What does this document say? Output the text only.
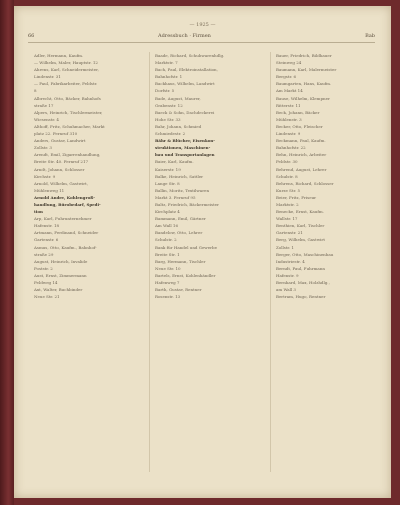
— 1925 —
66	Adressbuch · Firmen	Bab
Adler, Hermann, Kaufm.
— Wilhelm, Maler, Hauptstr. 12
Ahrens, Karl, Schneidermeister,
Lindenstr. 31
— Paul, Fabrikarbeiter, Feldstr.
8
Albrecht, Otto, Bäcker, Bahnhofs
straße 17
Alpers, Heinrich, Tischlermeister,
Wiesenstr. 4
Althoff, Fritz, Schuhmacher, Markt
platz 22. Fernruf 310
Anders, Gustav, Landwirt
Zollstr. 3
Arendt, Emil, Zigarrenhandlung,
Breite Str. 40. Fernruf 217
Arndt, Johann, Schlosser
Kirchstr. 9
Arnold, Wilhelm, Gastwirt,
Mühlenweg 11
Arnold Andre, Kohlengroß-
handlung, Bürobedarf, Spedi-
tion
Arp, Karl, Fuhrunternehmer
Hafenstr. 18
Artmann, Ferdinand, Schneider
Gartenstr. 6
Asmus, Otto, Kaufm., Bahnhof-
straße 29
August, Heinrich, Invalide
Poststr. 2
Aust, Ernst, Zimmermann
Feldweg 14
Axt, Walter, Buchbinder
Neue Str. 21
Baade, Richard, Schuhwarenhdlg.
Marktstr. 7
Bach, Paul, Elektroinstallation,
Bahnhofstr. 1
Backhaus, Wilhelm, Landwirt
Dorfstr. 5
Bade, August, Maurer,
Grabenstr. 12
Baeck & Sohn, Dachdeckerei
Hohe Str. 33
Bahr, Johann, Schmied
Schmiedestr. 2
Bähr & Blücher, Eisenkon-
struktionen, Maschinen-
bau und Transportanlagen
Baier, Karl, Kaufm.
Kaiserstr. 19
Balke, Heinrich, Sattler
Lange Str. 8
Ballin, Moritz, Textilwaren
Markt 3. Fernruf 95
Baltz, Friedrich, Bäckermeister
Kirchplatz 4
Bammann, Emil, Gärtner
Am Wall 16
Bandelow, Otto, Lehrer
Schulstr. 2
Bank für Handel und Gewerbe
Breite Str. 1
Barg, Hermann, Tischler
Neue Str. 10
Bartels, Ernst, Kohlenhändler
Hafenweg 7
Barth, Gustav, Rentner
Rosenstr. 13
Bauer, Friedrich, Bildhauer
Steinweg 24
Baumann, Karl, Malermeister
Bergstr. 6
Baumgarten, Hans, Kaufm.
Am Markt 14
Bause, Wilhelm, Klempner
Ritterstr. 11
Beck, Johann, Bäcker
Mühlenstr. 3
Becker, Otto, Fleischer
Lindenstr. 9
Beckmann, Paul, Kaufm.
Bahnhofstr. 22
Behn, Heinrich, Arbeiter
Feldstr. 30
Behrend, August, Lehrer
Schulstr. 8
Behrens, Richard, Schlosser
Kurze Str. 5
Beier, Fritz, Friseur
Marktstr. 2
Benecke, Ernst, Kaufm.
Wallstr. 17
Benthien, Karl, Tischler
Gartenstr. 21
Berg, Wilhelm, Gastwirt
Zollstr. 1
Berger, Otto, Maschinenbau
Industriestr. 4
Berndt, Paul, Fuhrmann
Hafenstr. 9
Bernhard, Max, Holzhdlg.,
am Wall 3
Bertram, Hugo, Rentner
